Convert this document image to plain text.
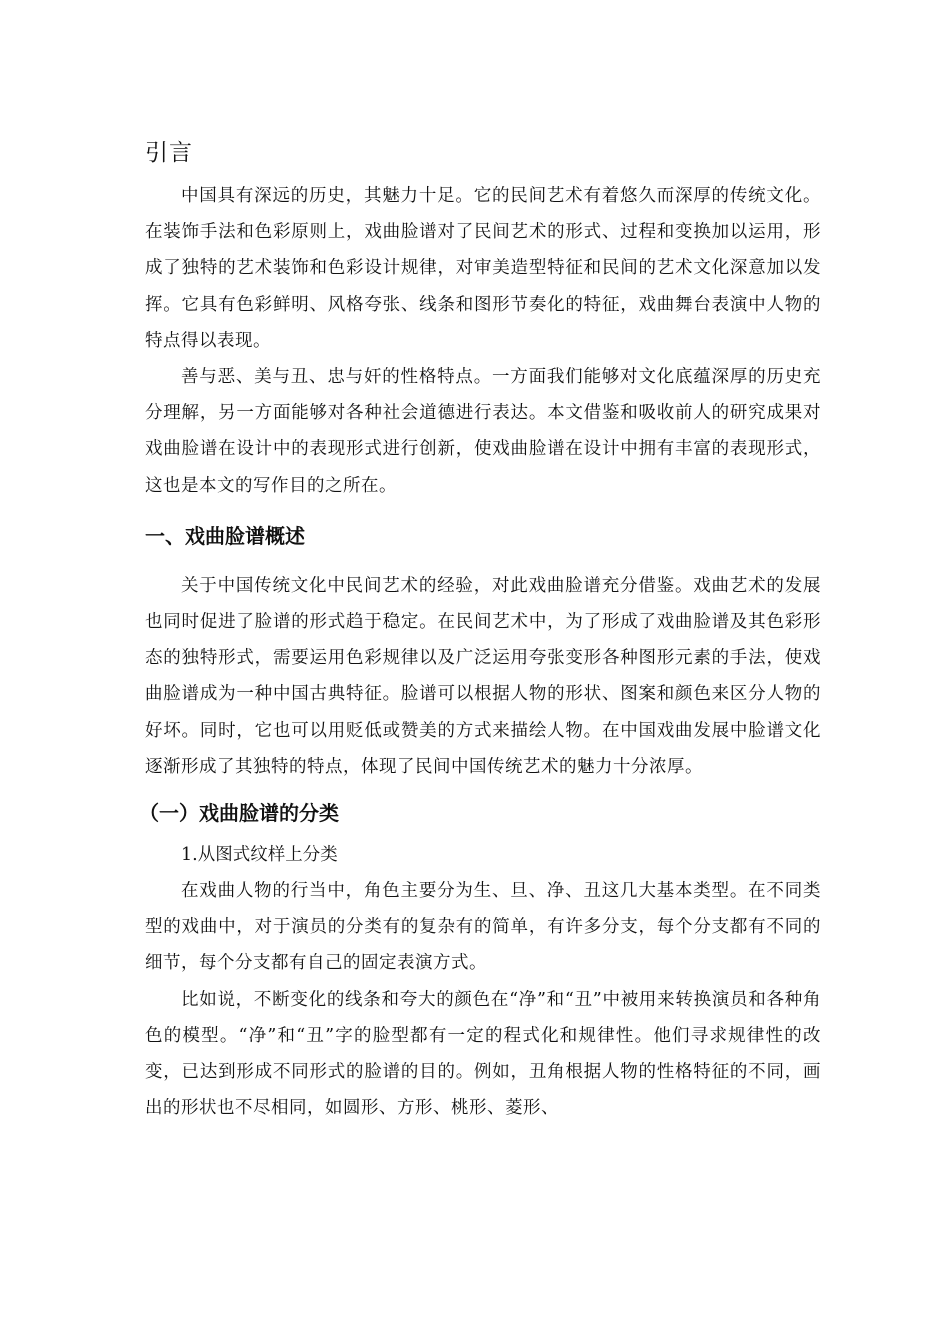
引言

中国具有深远的历史，其魅力十足。它的民间艺术有着悠久而深厚的传统文化。在装饰手法和色彩原则上，戏曲脸谱对了民间艺术的形式、过程和变换加以运用，形成了独特的艺术装饰和色彩设计规律，对审美造型特征和民间的艺术文化深意加以发挥。它具有色彩鲜明、风格夸张、线条和图形节奏化的特征，戏曲舞台表演中人物的特点得以表现。

善与恶、美与丑、忠与奸的性格特点。一方面我们能够对文化底蕴深厚的历史充分理解，另一方面能够对各种社会道德进行表达。本文借鉴和吸收前人的研究成果对戏曲脸谱在设计中的表现形式进行创新，使戏曲脸谱在设计中拥有丰富的表现形式，这也是本文的写作目的之所在。

一、戏曲脸谱概述

关于中国传统文化中民间艺术的经验，对此戏曲脸谱充分借鉴。戏曲艺术的发展也同时促进了脸谱的形式趋于稳定。在民间艺术中，为了形成了戏曲脸谱及其色彩形态的独特形式，需要运用色彩规律以及广泛运用夸张变形各种图形元素的手法，使戏曲脸谱成为一种中国古典特征。脸谱可以根据人物的形状、图案和颜色来区分人物的好坏。同时，它也可以用贬低或赞美的方式来描绘人物。在中国戏曲发展中脸谱文化逐渐形成了其独特的特点，体现了民间中国传统艺术的魅力十分浓厚。

（一）戏曲脸谱的分类

1.从图式纹样上分类

在戏曲人物的行当中，角色主要分为生、旦、净、丑这几大基本类型。在不同类型的戏曲中，对于演员的分类有的复杂有的简单，有许多分支，每个分支都有不同的细节，每个分支都有自己的固定表演方式。

比如说，不断变化的线条和夸大的颜色在“净”和“丑”中被用来转换演员和各种角色的模型。“净”和“丑”字的脸型都有一定的程式化和规律性。他们寻求规律性的改变，已达到形成不同形式的脸谱的目的。例如，丑角根据人物的性格特征的不同，画出的形状也不尽相同，如圆形、方形、桃形、菱形、
